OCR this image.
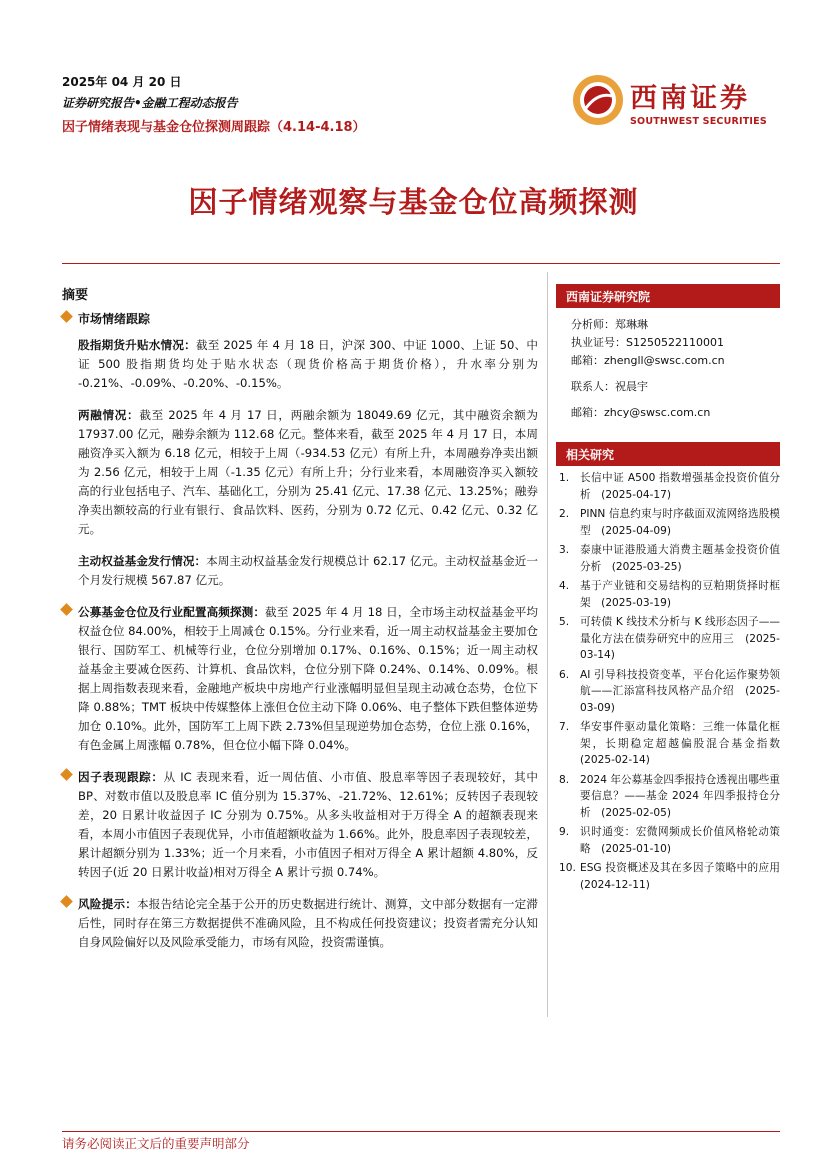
2025年 04 月 20 日
证券研究报告•金融工程动态报告
因子情绪表现与基金仓位探测周跟踪（4.14-4.18）
西南证券
SOUTHWEST SECURITIES
因子情绪观察与基金仓位高频探测
摘要
市场情绪跟踪
股指期货升贴水情况：截至 2025 年 4 月 18 日，沪深 300、中证 1000、上证 50、中证 500 股指期货均处于贴水状态（现货价格高于期货价格），升水率分别为 -0.21%、-0.09%、-0.20%、-0.15%。
两融情况：截至 2025 年 4 月 17 日，两融余额为 18049.69 亿元，其中融资余额为 17937.00 亿元，融券余额为 112.68 亿元。整体来看，截至 2025 年 4 月 17 日，本周融资净买入额为 6.18 亿元，相较于上周（-934.53 亿元）有所上升，本周融券净卖出额为 2.56 亿元，相较于上周（-1.35 亿元）有所上升；分行业来看，本周融资净买入额较高的行业包括电子、汽车、基础化工，分别为 25.41 亿元、17.38 亿元、13.25%；融券净卖出额较高的行业有银行、食品饮料、医药，分别为 0.72 亿元、0.42 亿元、0.32 亿元。
主动权益基金发行情况：本周主动权益基金发行规模总计 62.17 亿元。主动权益基金近一个月发行规模 567.87 亿元。
公募基金仓位及行业配置高频探测：截至 2025 年 4 月 18 日，全市场主动权益基金平均权益仓位 84.00%，相较于上周减仓 0.15%。分行业来看，近一周主动权益基金主要加仓银行、国防军工、机械等行业，仓位分别增加 0.17%、0.16%、0.15%；近一周主动权益基金主要减仓医药、计算机、食品饮料，仓位分别下降 0.24%、0.14%、0.09%。根据上周指数表现来看，金融地产板块中房地产行业涨幅明显但呈现主动减仓态势，仓位下降 0.88%；TMT 板块中传媒整体上涨但仓位主动下降 0.06%、电子整体下跌但整体逆势加仓 0.10%。此外，国防军工上周下跌 2.73%但呈现逆势加仓态势，仓位上涨 0.16%，有色金属上周涨幅 0.78%，但仓位小幅下降 0.04%。
因子表现跟踪：从 IC 表现来看，近一周估值、小市值、股息率等因子表现较好，其中 BP、对数市值以及股息率 IC 值分别为 15.37%、-21.72%、12.61%；反转因子表现较差，20 日累计收益因子 IC 分别为 0.75%。从多头收益相对于万得全 A 的超额表现来看，本周小市值因子表现优异，小市值超额收益为 1.66%。此外，股息率因子表现较差，累计超额分别为 1.33%；近一个月来看，小市值因子相对万得全 A 累计超额 4.80%，反转因子(近 20 日累计收益)相对万得全 A 累计亏损 0.74%。
风险提示：本报告结论完全基于公开的历史数据进行统计、测算，文中部分数据有一定滞后性，同时存在第三方数据提供不准确风险，且不构成任何投资建议；投资者需充分认知自身风险偏好以及风险承受能力，市场有风险，投资需谨慎。
西南证券研究院
分析师：郑琳琳
执业证号：S1250522110001
邮箱：zhengll@swsc.com.cn
联系人：祝晨宇
邮箱：zhcy@swsc.com.cn
相关研究
1. 长信中证 A500 指数增强基金投资价值分析　(2025-04-17)
2. PINN 信息约束与时序截面双流网络选股模型　(2025-04-09)
3. 泰康中证港股通大消费主题基金投资价值分析　(2025-03-25)
4. 基于产业链和交易结构的豆粕期货择时框架　(2025-03-19)
5. 可转债 K 线技术分析与 K 线形态因子——量化方法在债券研究中的应用三　(2025-03-14)
6. AI 引导科技投资变革，平台化运作聚势领航——汇添富科技风格产品介绍　(2025-03-09)
7. 华安事件驱动量化策略：三维一体量化框架，长期稳定超越偏股混合基金指数　(2025-02-14)
8. 2024 年公募基金四季报持仓透视出哪些重要信息？——基金 2024 年四季报持仓分析　(2025-02-05)
9. 识时通变：宏微网频成长价值风格轮动策略　(2025-01-10)
10. ESG 投资概述及其在多因子策略中的应用　(2024-12-11)
请务必阅读正文后的重要声明部分
